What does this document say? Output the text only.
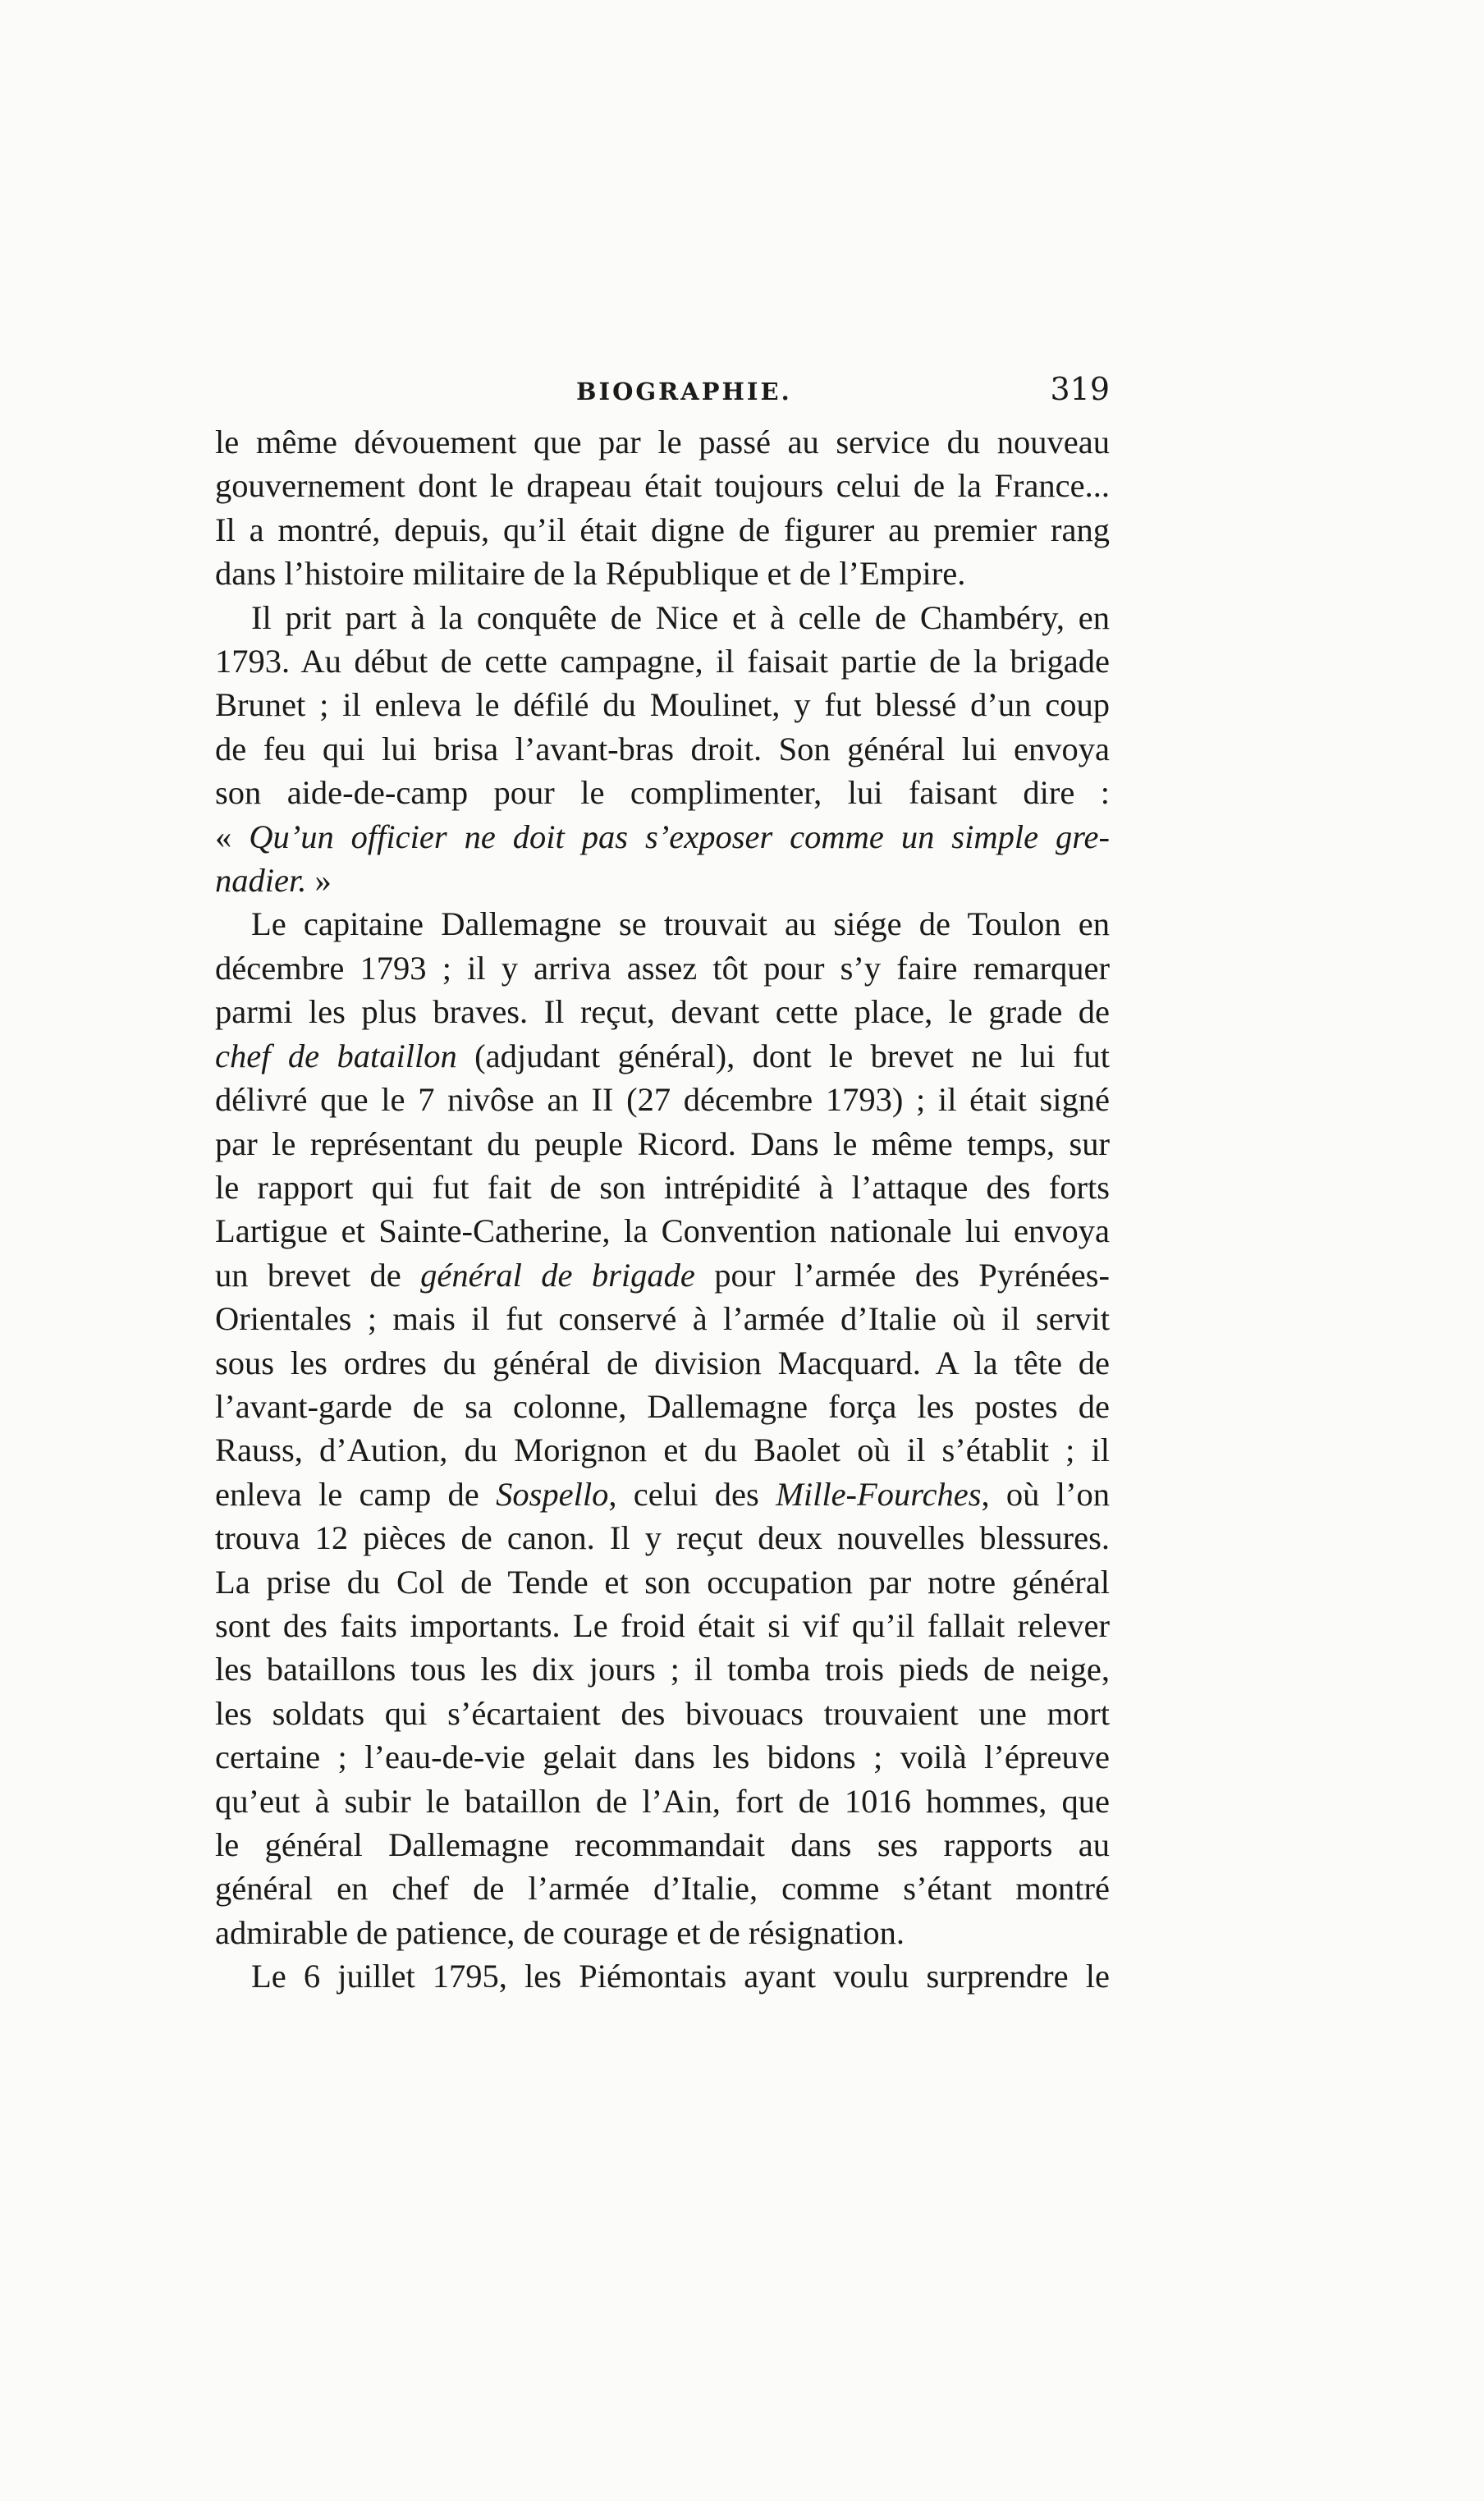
BIOGRAPHIE.	319
le même dévouement que par le passé au service du nouveau
gouvernement dont le drapeau était toujours celui de la France...
Il a montré, depuis, qu’il était digne de figurer au premier rang
dans l’histoire militaire de la République et de l’Empire.
Il prit part à la conquête de Nice et à celle de Chambéry, en
1793. Au début de cette campagne, il faisait partie de la brigade
Brunet ; il enleva le défilé du Moulinet, y fut blessé d’un coup
de feu qui lui brisa l’avant-bras droit. Son général lui envoya
son aide-de-camp pour le complimenter, lui faisant dire :
« Qu’un officier ne doit pas s’exposer comme un simple gre-
nadier. »
Le capitaine Dallemagne se trouvait au siége de Toulon en
décembre 1793 ; il y arriva assez tôt pour s’y faire remarquer
parmi les plus braves. Il reçut, devant cette place, le grade de
chef de bataillon (adjudant général), dont le brevet ne lui fut
délivré que le 7 nivôse an II (27 décembre 1793) ; il était signé
par le représentant du peuple Ricord. Dans le même temps, sur
le rapport qui fut fait de son intrépidité à l’attaque des forts
Lartigue et Sainte-Catherine, la Convention nationale lui envoya
un brevet de général de brigade pour l’armée des Pyrénées-
Orientales ; mais il fut conservé à l’armée d’Italie où il servit
sous les ordres du général de division Macquard. A la tête de
l’avant-garde de sa colonne, Dallemagne força les postes de
Rauss, d’Aution, du Morignon et du Baolet où il s’établit ; il
enleva le camp de Sospello, celui des Mille-Fourches, où l’on
trouva 12 pièces de canon. Il y reçut deux nouvelles blessures.
La prise du Col de Tende et son occupation par notre général
sont des faits importants. Le froid était si vif qu’il fallait relever
les bataillons tous les dix jours ; il tomba trois pieds de neige,
les soldats qui s’écartaient des bivouacs trouvaient une mort
certaine ; l’eau-de-vie gelait dans les bidons ; voilà l’épreuve
qu’eut à subir le bataillon de l’Ain, fort de 1016 hommes, que
le général Dallemagne recommandait dans ses rapports au
général en chef de l’armée d’Italie, comme s’étant montré
admirable de patience, de courage et de résignation.
Le 6 juillet 1795, les Piémontais ayant voulu surprendre le
